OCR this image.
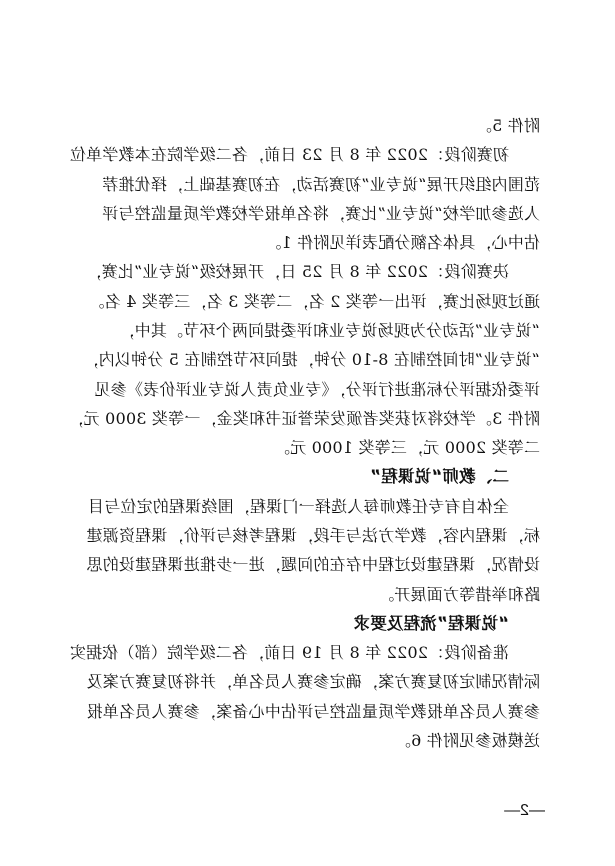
附件 5。
初赛阶段：2022 年 8 月 23 日前，各二级学院在本教学单位
范围内组织开展“说专业”初赛活动，在初赛基础上，择优推荐
人选参加学校“说专业”比赛，将名单报学校教学质量监控与评
估中心，具体名额分配表详见附件 1。
决赛阶段：2022 年 8 月 25 日，开展校级“说专业”比赛，
通过现场比赛，评出一等奖 2 名，二等奖 3 名，三等奖 4 名。
“说专业”活动分为现场说专业和评委提问两个环节。其中，
“说专业”时间控制在 8-10 分钟，提问环节控制在 5 分钟以内，
评委依据评分标准进行评分，《专业负责人说专业评价表》参见
附件 3。学校将对获奖者颁发荣誉证书和奖金，一等奖 3000 元，
二等奖 2000 元，三等奖 1000 元。
二、教师“说课程”
全体自有专任教师每人选择一门课程，围绕课程的定位与目
标，课程内容，教学方法与手段，课程考核与评价，课程资源建
设情况，课程建设过程中存在的问题，进一步推进课程建设的思
路和举措等方面展开。
“说课程”流程及要求
准备阶段：2022 年 8 月 19 日前，各二级学院（部）依据实
际情况制定初复赛方案，确定参赛人员名单，并将初复赛方案及
参赛人员名单报教学质量监控与评估中心备案，参赛人员名单报
送模板参见附件 6。
—2—
